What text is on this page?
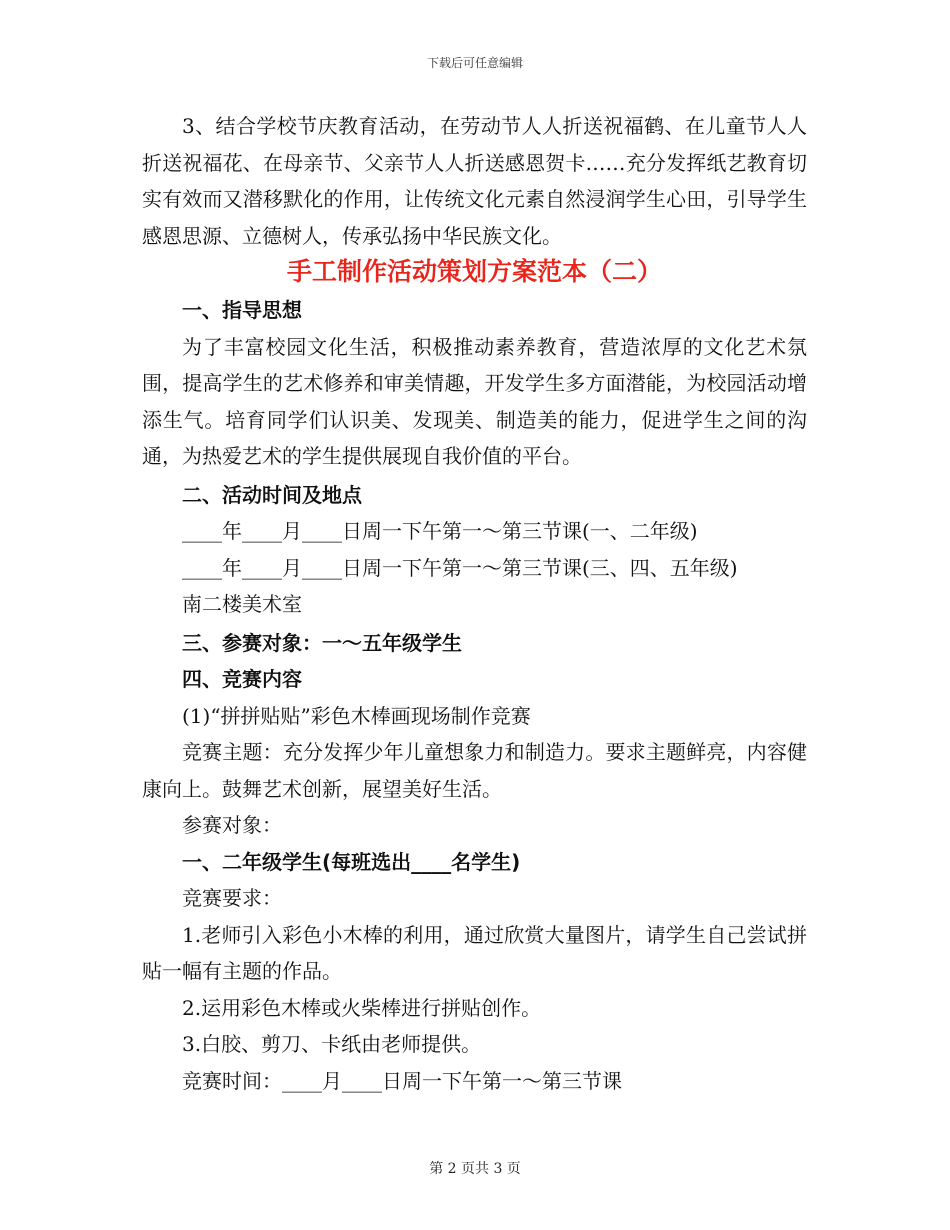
下载后可任意编辑

3、结合学校节庆教育活动，在劳动节人人折送祝福鹤、在儿童节人人折送祝福花、在母亲节、父亲节人人折送感恩贺卡……充分发挥纸艺教育切实有效而又潜移默化的作用，让传统文化元素自然浸润学生心田，引导学生感恩思源、立德树人，传承弘扬中华民族文化。

手工制作活动策划方案范本（二）

一、指导思想

为了丰富校园文化生活，积极推动素养教育，营造浓厚的文化艺术氛围，提高学生的艺术修养和审美情趣，开发学生多方面潜能，为校园活动增添生气。培育同学们认识美、发现美、制造美的能力，促进学生之间的沟通，为热爱艺术的学生提供展现自我价值的平台。

二、活动时间及地点

____年____月____日周一下午第一～第三节课(一、二年级)

____年____月____日周一下午第一～第三节课(三、四、五年级)

南二楼美术室

三、参赛对象：一～五年级学生

四、竞赛内容

(1)“拼拼贴贴”彩色木棒画现场制作竞赛

竞赛主题：充分发挥少年儿童想象力和制造力。要求主题鲜亮，内容健康向上。鼓舞艺术创新，展望美好生活。

参赛对象：

一、二年级学生(每班选出____名学生)

竞赛要求：

1.老师引入彩色小木棒的利用，通过欣赏大量图片，请学生自己尝试拼贴一幅有主题的作品。

2.运用彩色木棒或火柴棒进行拼贴创作。

3.白胶、剪刀、卡纸由老师提供。

竞赛时间：____月____日周一下午第一～第三节课

第 2 页共 3 页
